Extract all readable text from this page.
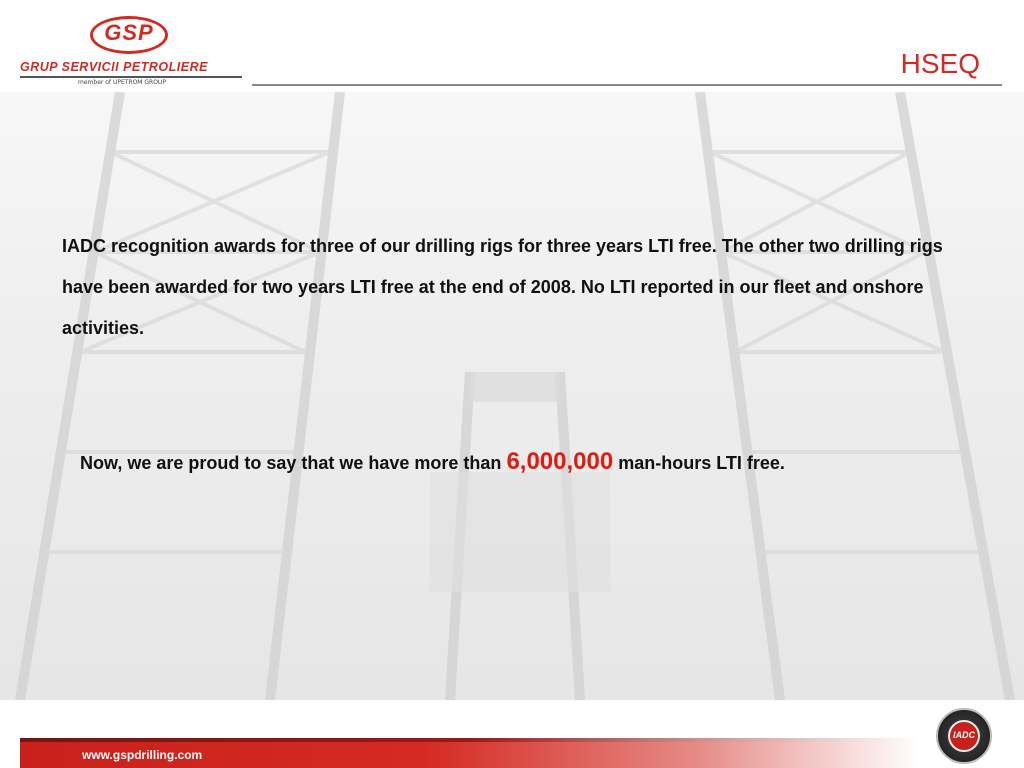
GSP
GRUP SERVICII PETROLIERE
member of UPETROM GROUP
HSEQ
IADC recognition awards for three of our drilling rigs for three years LTI free. The other two drilling rigs have been awarded for two years LTI free at the end of 2008. No LTI reported in our fleet and onshore activities.
Now, we are proud to say that we have more than 6,000,000 man-hours LTI free.
www.gspdrilling.com
IADC
